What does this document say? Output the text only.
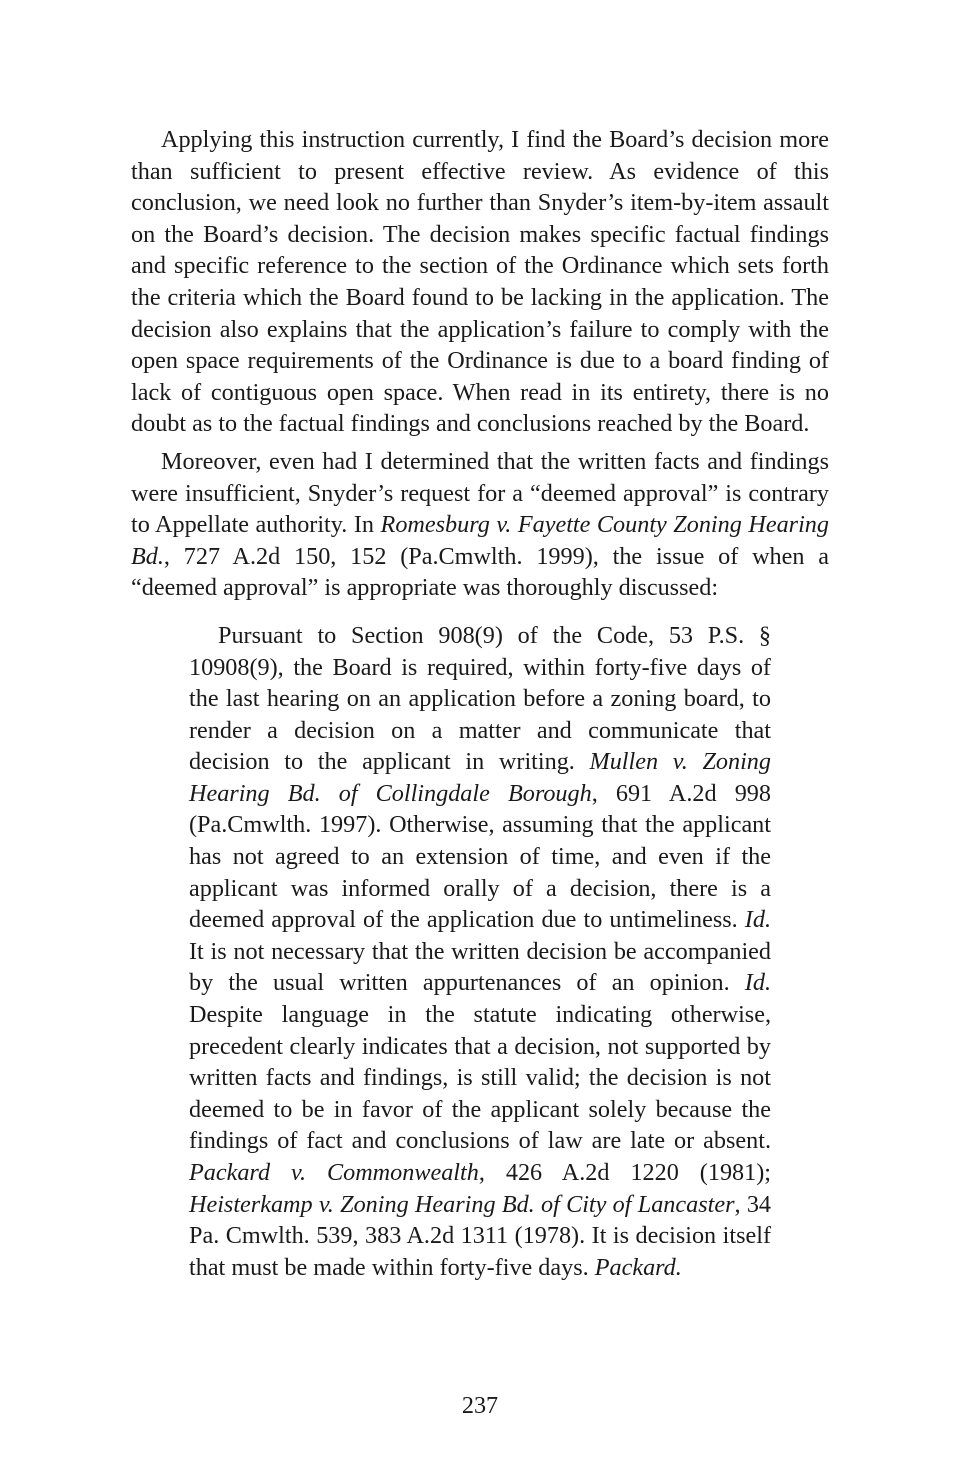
Applying this instruction currently, I find the Board’s decision more than sufficient to present effective review. As evidence of this conclusion, we need look no further than Snyder’s item-by-item assault on the Board’s decision. The decision makes specific factual findings and specific reference to the section of the Ordinance which sets forth the criteria which the Board found to be lacking in the application. The decision also explains that the application’s failure to comply with the open space requirements of the Ordinance is due to a board finding of lack of contiguous open space. When read in its entirety, there is no doubt as to the factual findings and conclusions reached by the Board.

Moreover, even had I determined that the written facts and findings were insufficient, Snyder’s request for a “deemed approval” is contrary to Appellate authority. In Romesburg v. Fayette County Zoning Hearing Bd., 727 A.2d 150, 152 (Pa.Cmwlth. 1999), the issue of when a “deemed approval” is appropriate was thoroughly discussed:

Pursuant to Section 908(9) of the Code, 53 P.S. § 10908(9), the Board is required, within forty-five days of the last hearing on an application before a zoning board, to render a decision on a matter and communicate that decision to the applicant in writing. Mullen v. Zoning Hearing Bd. of Collingdale Borough, 691 A.2d 998 (Pa.Cmwlth. 1997). Otherwise, assuming that the applicant has not agreed to an extension of time, and even if the applicant was informed orally of a decision, there is a deemed approval of the application due to untimeliness. Id. It is not necessary that the written decision be accompanied by the usual written appurtenances of an opinion. Id. Despite language in the statute indicating otherwise, precedent clearly indicates that a decision, not supported by written facts and findings, is still valid; the decision is not deemed to be in favor of the applicant solely because the findings of fact and conclusions of law are late or absent. Packard v. Commonwealth, 426 A.2d 1220 (1981); Heisterkamp v. Zoning Hearing Bd. of City of Lancaster, 34 Pa. Cmwlth. 539, 383 A.2d 1311 (1978). It is decision itself that must be made within forty-five days. Packard.

237
